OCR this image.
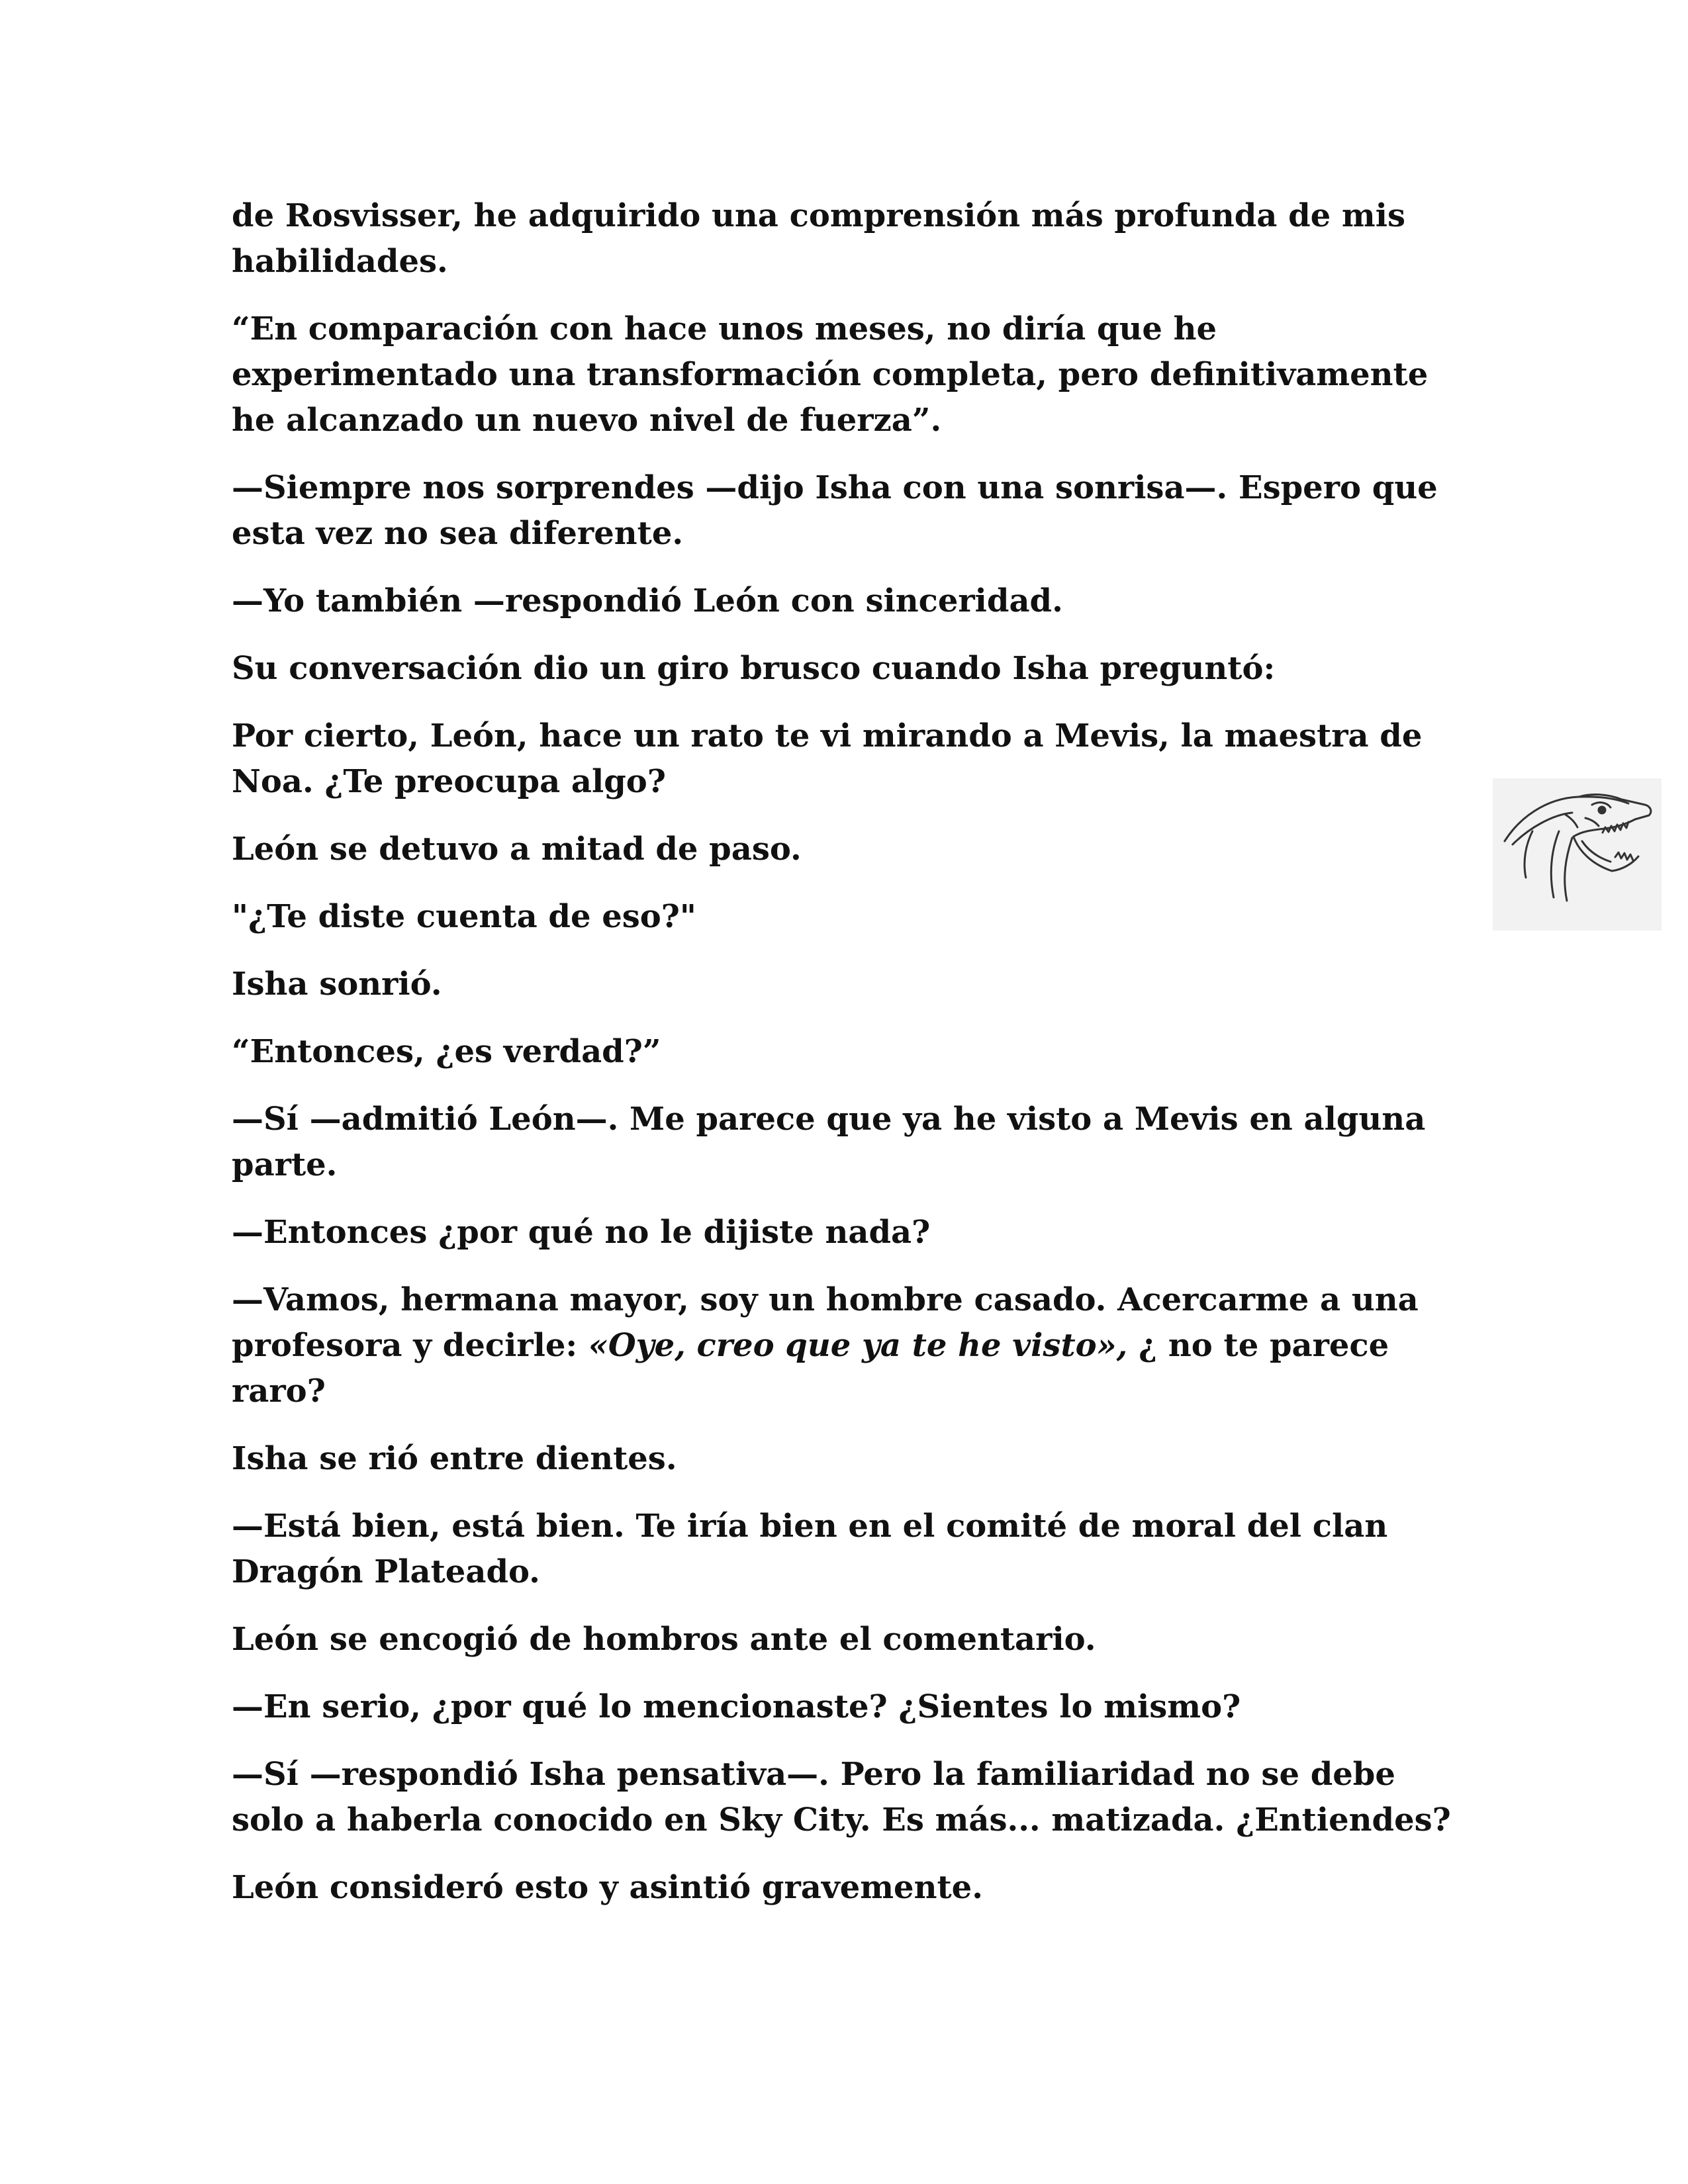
de Rosvisser, he adquirido una comprensión más profunda de mis habilidades.

“En comparación con hace unos meses, no diría que he experimentado una transformación completa, pero definitivamente he alcanzado un nuevo nivel de fuerza”.

—Siempre nos sorprendes —dijo Isha con una sonrisa—. Espero que esta vez no sea diferente.

—Yo también —respondió León con sinceridad.

Su conversación dio un giro brusco cuando Isha preguntó:

Por cierto, León, hace un rato te vi mirando a Mevis, la maestra de Noa. ¿Te preocupa algo?

León se detuvo a mitad de paso.

"¿Te diste cuenta de eso?"

Isha sonrió.

“Entonces, ¿es verdad?”

—Sí —admitió León—. Me parece que ya he visto a Mevis en alguna parte.

—Entonces ¿por qué no le dijiste nada?

—Vamos, hermana mayor, soy un hombre casado. Acercarme a una profesora y decirle: «Oye, creo que ya te he visto», ¿ no te parece raro?

Isha se rió entre dientes.

—Está bien, está bien. Te iría bien en el comité de moral del clan Dragón Plateado.

León se encogió de hombros ante el comentario.

—En serio, ¿por qué lo mencionaste? ¿Sientes lo mismo?

—Sí —respondió Isha pensativa—. Pero la familiaridad no se debe solo a haberla conocido en Sky City. Es más... matizada. ¿Entiendes?

León consideró esto y asintió gravemente.
